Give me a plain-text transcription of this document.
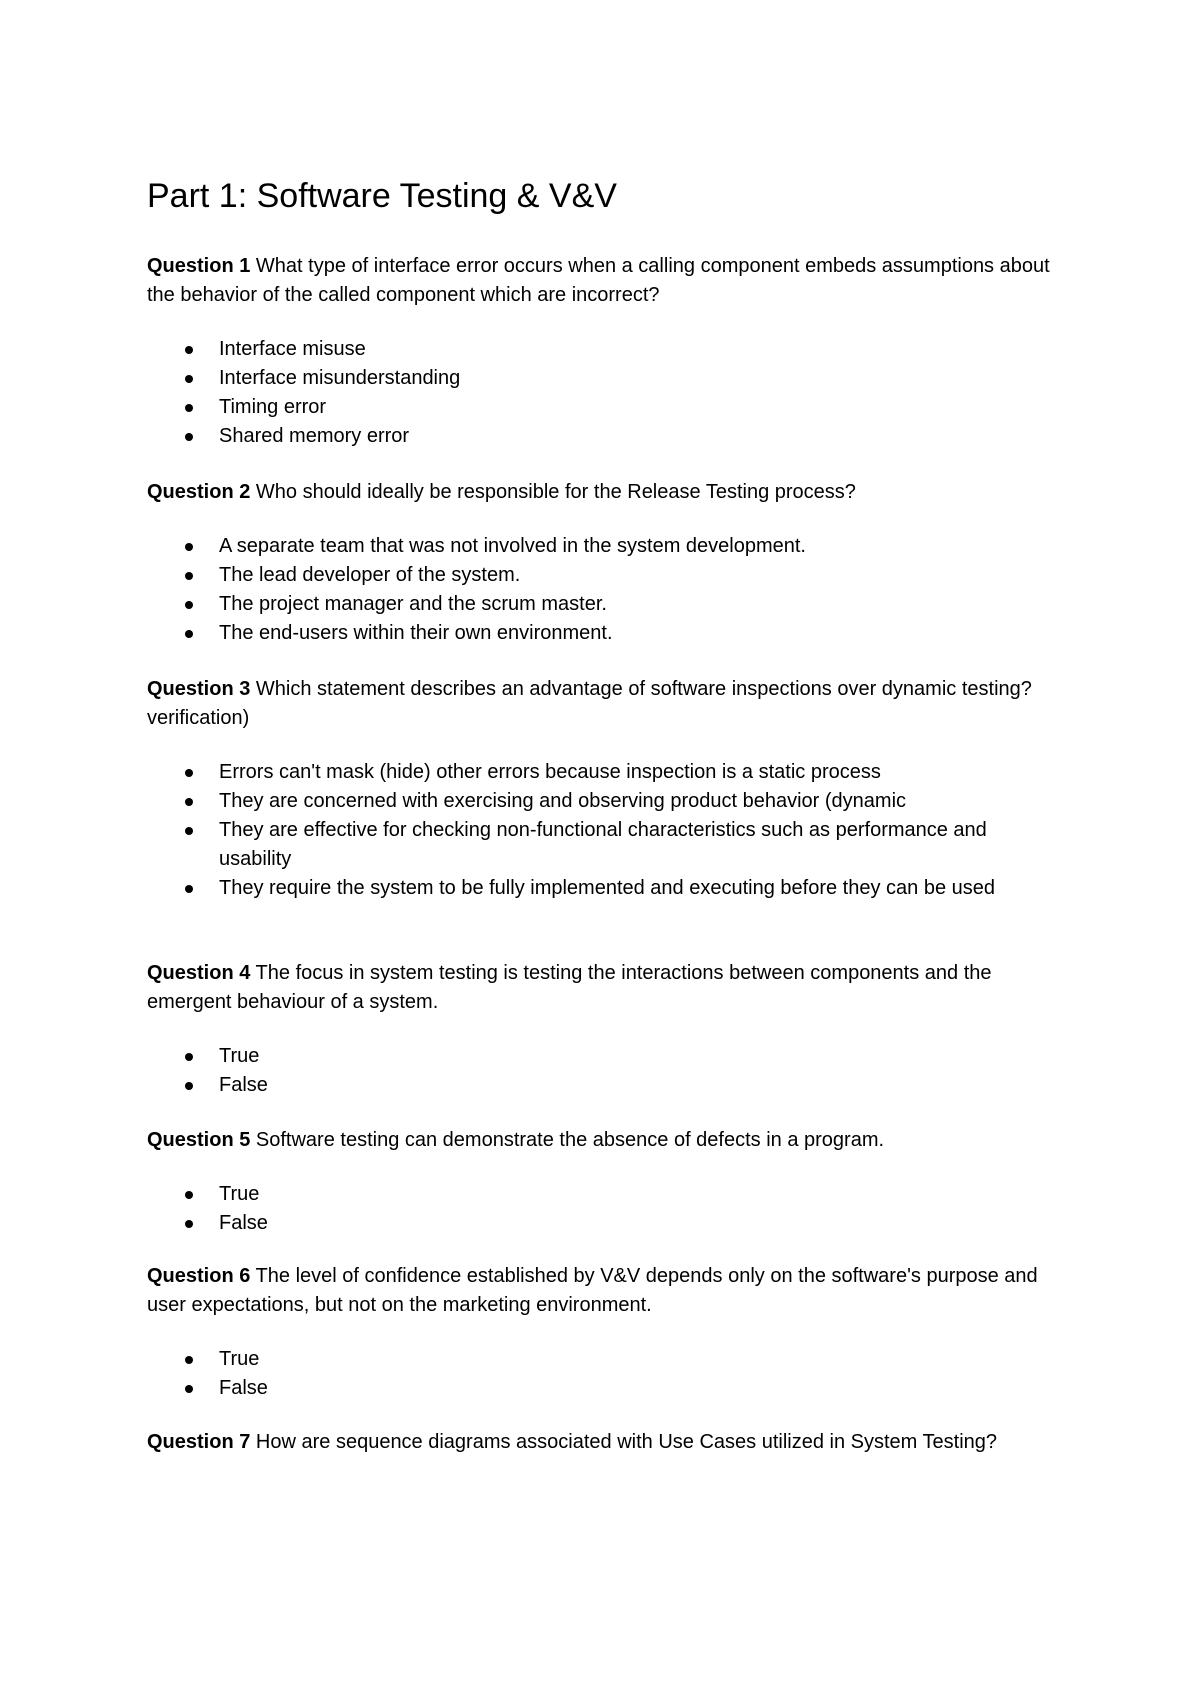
Part 1: Software Testing & V&V

Question 1 What type of interface error occurs when a calling component embeds assumptions about the behavior of the called component which are incorrect?

Interface misuse
Interface misunderstanding
Timing error
Shared memory error

Question 2 Who should ideally be responsible for the Release Testing process?

A separate team that was not involved in the system development.
The lead developer of the system.
The project manager and the scrum master.
The end-users within their own environment.

Question 3 Which statement describes an advantage of software inspections over dynamic testing?verification)

Errors can't mask (hide) other errors because inspection is a static process
They are concerned with exercising and observing product behavior (dynamic
They are effective for checking non-functional characteristics such as performance and usability
They require the system to be fully implemented and executing before they can be used

Question 4 The focus in system testing is testing the interactions between components and the emergent behaviour of a system.

True
False

Question 5 Software testing can demonstrate the absence of defects in a program.

True
False

Question 6 The level of confidence established by V&V depends only on the software's purpose and user expectations, but not on the marketing environment.

True
False

Question 7 How are sequence diagrams associated with Use Cases utilized in System Testing?
